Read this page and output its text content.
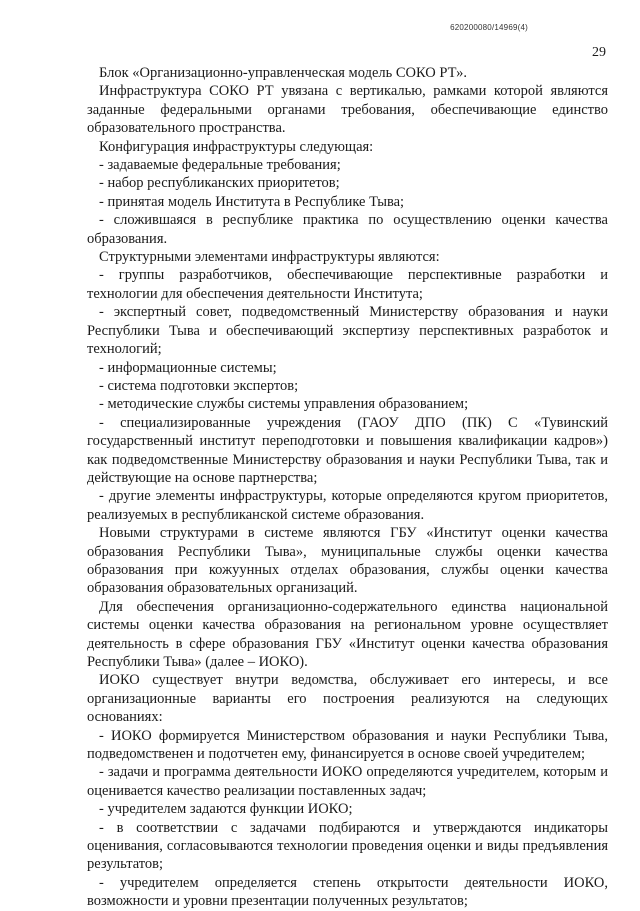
620200080/14969(4)
29

Блок «Организационно-управленческая модель СОКО РТ».

Инфраструктура СОКО РТ увязана с вертикалью, рамками которой являются заданные федеральными органами требования, обеспечивающие единство образовательного пространства.

Конфигурация инфраструктуры следующая:

- задаваемые федеральные требования;

- набор республиканских приоритетов;

- принятая модель Института в Республике Тыва;

- сложившаяся в республике практика по осуществлению оценки качества образования.

Структурными элементами инфраструктуры являются:

- группы разработчиков, обеспечивающие перспективные разработки и технологии для обеспечения деятельности Института;

- экспертный совет, подведомственный Министерству образования и науки Республики Тыва и обеспечивающий экспертизу перспективных разработок и технологий;

- информационные системы;

- система подготовки экспертов;

- методические службы системы управления образованием;

- специализированные учреждения (ГАОУ ДПО (ПК) С «Тувинский государственный институт переподготовки и повышения квалификации кадров») как подведомственные Министерству образования и науки Республики Тыва, так и действующие на основе партнерства;

- другие элементы инфраструктуры, которые определяются кругом приоритетов, реализуемых в республиканской системе образования.

Новыми структурами в системе являются ГБУ «Институт оценки качества образования Республики Тыва», муниципальные службы оценки качества образования при кожуунных отделах образования, службы оценки качества образования образовательных организаций.

Для обеспечения организационно-содержательного единства национальной системы оценки качества образования на региональном уровне осуществляет деятельность в сфере образования ГБУ «Институт оценки качества образования Республики Тыва» (далее – ИОКО).

ИОКО существует внутри ведомства, обслуживает его интересы, и все организационные варианты его построения реализуются на следующих основаниях:

- ИОКО формируется Министерством образования и науки Республики Тыва, подведомственен и подотчетен ему, финансируется в основе своей учредителем;

- задачи и программа деятельности ИОКО определяются учредителем, которым и оценивается качество реализации поставленных задач;

- учредителем задаются функции ИОКО;

- в соответствии с задачами подбираются и утверждаются индикаторы оценивания, согласовываются технологии проведения оценки и виды предъявления результатов;

- учредителем определяется степень открытости деятельности ИОКО, возможности и уровни презентации полученных результатов;
